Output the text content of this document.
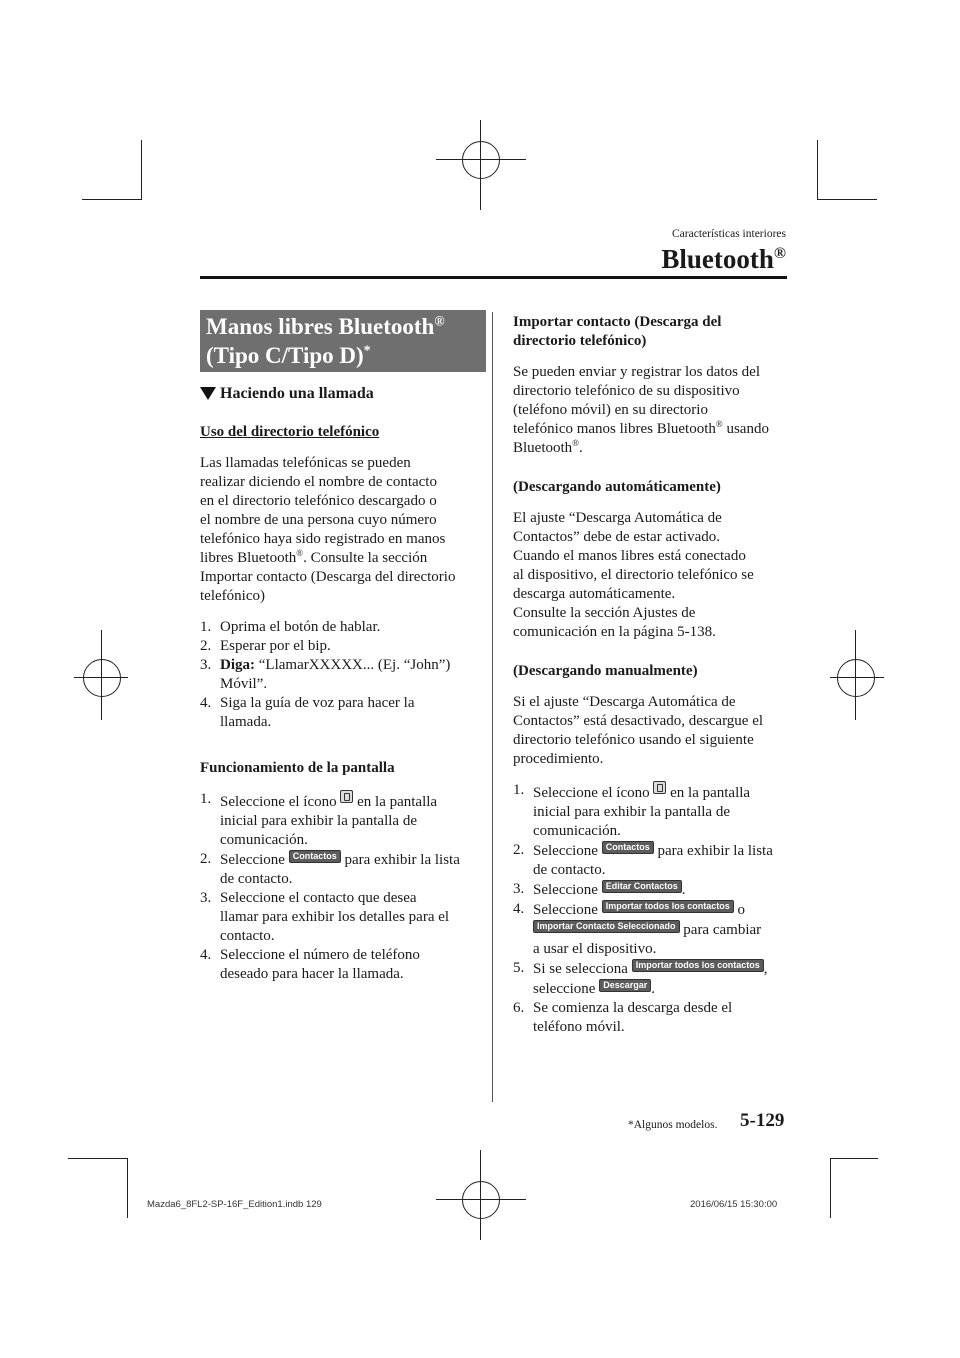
Características interiores
Bluetooth®
Manos libres Bluetooth®
(Tipo C/Tipo D)*
Haciendo una llamada

Uso del directorio telefónico

Las llamadas telefónicas se pueden

realizar diciendo el nombre de contacto

en el directorio telefónico descargado o

el nombre de una persona cuyo número

telefónico haya sido registrado en manos

libres Bluetooth®. Consulte la sección

Importar contacto (Descarga del directorio

telefónico)

1. Oprima el botón de hablar.
2. Esperar por el bip.
3. Diga: “LlamarXXXXX... (Ej. “John”)
Móvil”.
4. Siga la guía de voz para hacer la
llamada.

Funcionamiento de la pantalla

1. Seleccione el ícono  en la pantalla
inicial para exhibir la pantalla de
comunicación.
2. Seleccione Contactos para exhibir la lista
de contacto.
3. Seleccione el contacto que desea
llamar para exhibir los detalles para el
contacto.
4. Seleccione el número de teléfono
deseado para hacer la llamada.

Importar contacto (Descarga del
directorio telefónico)

Se pueden enviar y registrar los datos del

directorio telefónico de su dispositivo

(teléfono móvil) en su directorio

telefónico manos libres Bluetooth® usando

Bluetooth®.

(Descargando automáticamente)

El ajuste “Descarga Automática de

Contactos” debe de estar activado.

Cuando el manos libres está conectado

al dispositivo, el directorio telefónico se

descarga automáticamente.

Consulte la sección Ajustes de

comunicación en la página 5-138.

(Descargando manualmente)

Si el ajuste “Descarga Automática de

Contactos” está desactivado, descargue el

directorio telefónico usando el siguiente

procedimiento.

1. Seleccione el ícono  en la pantalla
inicial para exhibir la pantalla de
comunicación.
2. Seleccione Contactos para exhibir la lista
de contacto.
3. Seleccione Editar Contactos .
4. Seleccione Importar todos los contactos o
Importar Contacto Seleccionado para cambiar
a usar el dispositivo.
5. Si se selecciona Importar todos los contactos ,
seleccione Descargar .
6. Se comienza la descarga desde el
teléfono móvil.
*Algunos modelos. 5-129
Mazda6_8FL2-SP-16F_Edition1.indb 129	2016/06/15 15:30:00
